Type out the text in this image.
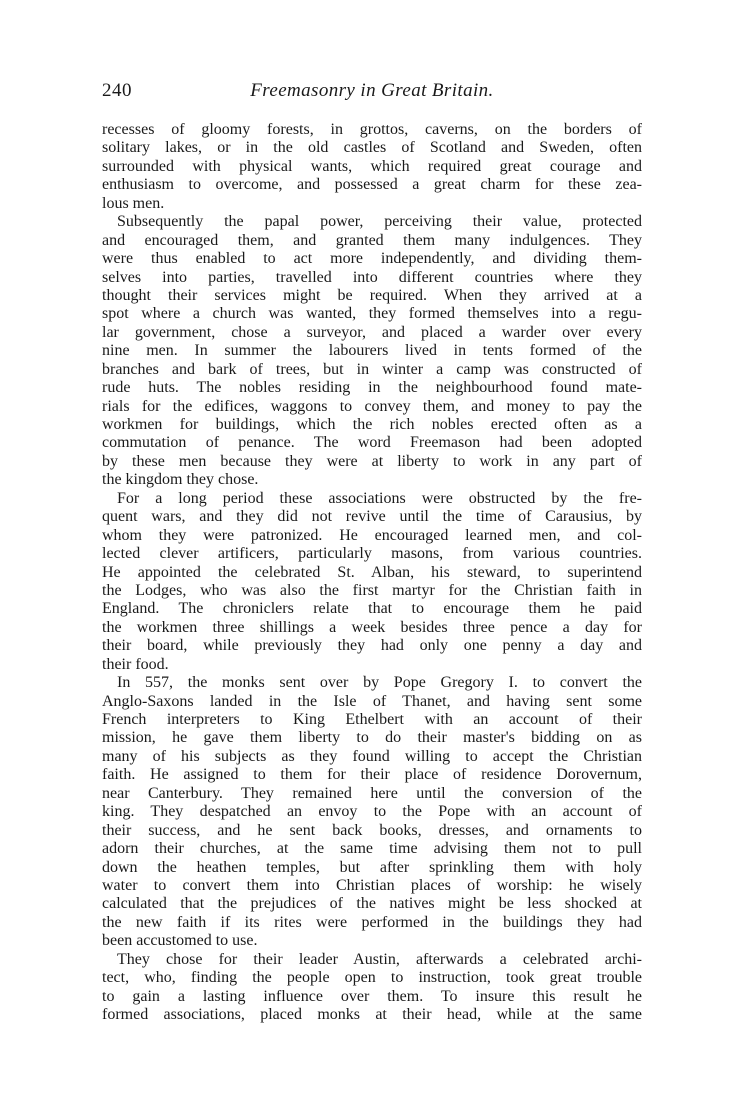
240	Freemasonry in Great Britain.
recesses of gloomy forests, in grottos, caverns, on the borders of
solitary lakes, or in the old castles of Scotland and Sweden, often
surrounded with physical wants, which required great courage and
enthusiasm to overcome, and possessed a great charm for these zea-
lous men.
Subsequently the papal power, perceiving their value, protected
and encouraged them, and granted them many indulgences. They
were thus enabled to act more independently, and dividing them-
selves into parties, travelled into different countries where they
thought their services might be required. When they arrived at a
spot where a church was wanted, they formed themselves into a regu-
lar government, chose a surveyor, and placed a warder over every
nine men. In summer the labourers lived in tents formed of the
branches and bark of trees, but in winter a camp was constructed of
rude huts. The nobles residing in the neighbourhood found mate-
rials for the edifices, waggons to convey them, and money to pay the
workmen for buildings, which the rich nobles erected often as a
commutation of penance. The word Freemason had been adopted
by these men because they were at liberty to work in any part of
the kingdom they chose.
For a long period these associations were obstructed by the fre-
quent wars, and they did not revive until the time of Carausius, by
whom they were patronized. He encouraged learned men, and col-
lected clever artificers, particularly masons, from various countries.
He appointed the celebrated St. Alban, his steward, to superintend
the Lodges, who was also the first martyr for the Christian faith in
England. The chroniclers relate that to encourage them he paid
the workmen three shillings a week besides three pence a day for
their board, while previously they had only one penny a day and
their food.
In 557, the monks sent over by Pope Gregory I. to convert the
Anglo-Saxons landed in the Isle of Thanet, and having sent some
French interpreters to King Ethelbert with an account of their
mission, he gave them liberty to do their master's bidding on as
many of his subjects as they found willing to accept the Christian
faith. He assigned to them for their place of residence Dorovernum,
near Canterbury. They remained here until the conversion of the
king. They despatched an envoy to the Pope with an account of
their success, and he sent back books, dresses, and ornaments to
adorn their churches, at the same time advising them not to pull
down the heathen temples, but after sprinkling them with holy
water to convert them into Christian places of worship: he wisely
calculated that the prejudices of the natives might be less shocked at
the new faith if its rites were performed in the buildings they had
been accustomed to use.
They chose for their leader Austin, afterwards a celebrated archi-
tect, who, finding the people open to instruction, took great trouble
to gain a lasting influence over them. To insure this result he
formed associations, placed monks at their head, while at the same
